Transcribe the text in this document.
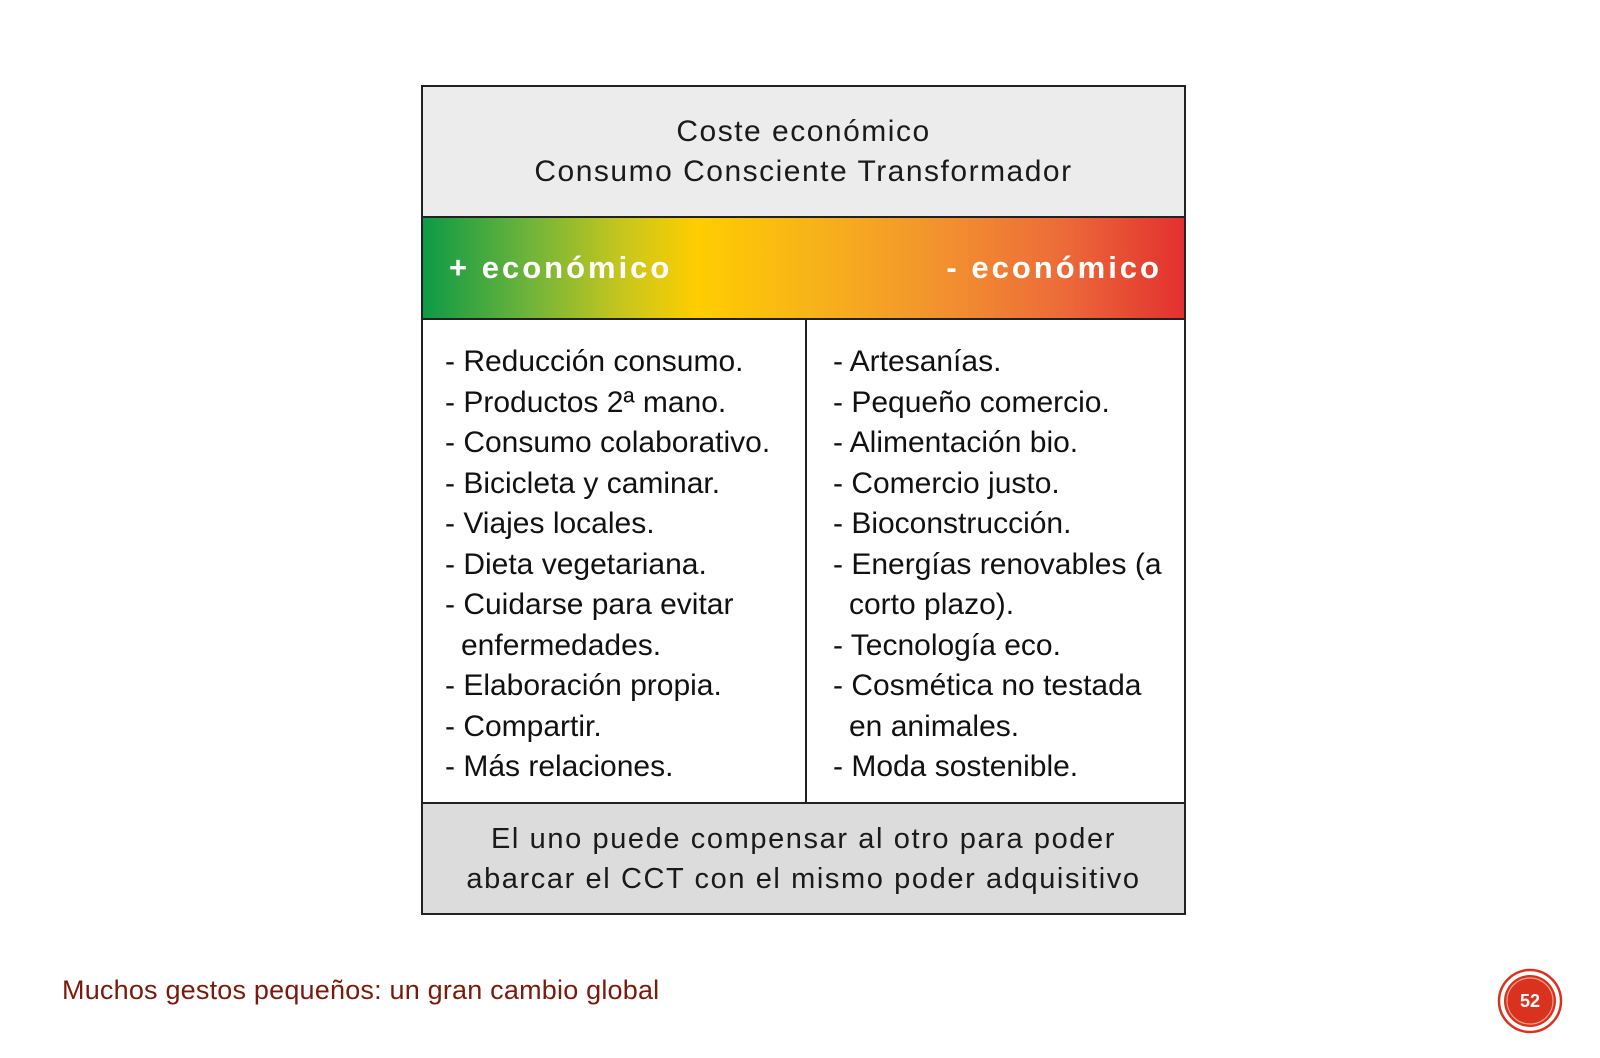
Coste económico
Consumo Consciente Transformador
+ económico	- económico
- Reducción consumo.
- Productos 2ª mano.
- Consumo colaborativo.
- Bicicleta y caminar.
- Viajes locales.
- Dieta vegetariana.
- Cuidarse para evitar enfermedades.
- Elaboración propia.
- Compartir.
- Más relaciones.
- Artesanías.
- Pequeño comercio.
- Alimentación bio.
- Comercio justo.
- Bioconstrucción.
- Energías renovables (a corto plazo).
- Tecnología eco.
- Cosmética no testada en animales.
- Moda sostenible.
El uno puede compensar al otro para poder
abarcar el CCT con el mismo poder adquisitivo
Muchos gestos pequeños: un gran cambio global	52
